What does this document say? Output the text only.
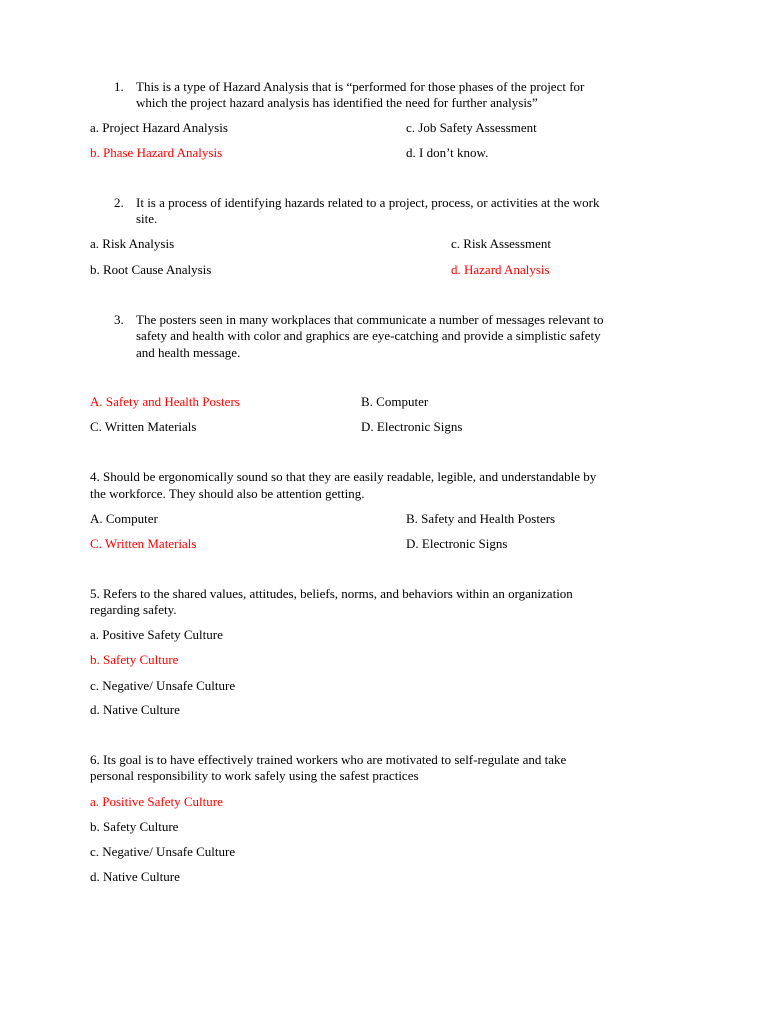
1. This is a type of Hazard Analysis that is “performed for those phases of the project for
which the project hazard analysis has identified the need for further analysis”
a. Project Hazard Analysis
b. Phase Hazard Analysis
c. Job Safety Assessment
d. I don’t know.
2. It is a process of identifying hazards related to a project, process, or activities at the work
site.
a. Risk Analysis
b. Root Cause Analysis
c. Risk Assessment
d. Hazard Analysis
3. The posters seen in many workplaces that communicate a number of messages relevant to
safety and health with color and graphics are eye-catching and provide a simplistic safety
and health message.
A. Safety and Health Posters	B. Computer
C. Written Materials	D. Electronic Signs
4. Should be ergonomically sound so that they are easily readable, legible, and understandable by
the workforce. They should also be attention getting.
A. Computer	B. Safety and Health Posters
C. Written Materials	D. Electronic Signs
5. Refers to the shared values, attitudes, beliefs, norms, and behaviors within an organization
regarding safety.
a. Positive Safety Culture
b. Safety Culture
c. Negative/ Unsafe Culture
d. Native Culture
6. Its goal is to have effectively trained workers who are motivated to self-regulate and take
personal responsibility to work safely using the safest practices
a. Positive Safety Culture
b. Safety Culture
c. Negative/ Unsafe Culture
d. Native Culture
